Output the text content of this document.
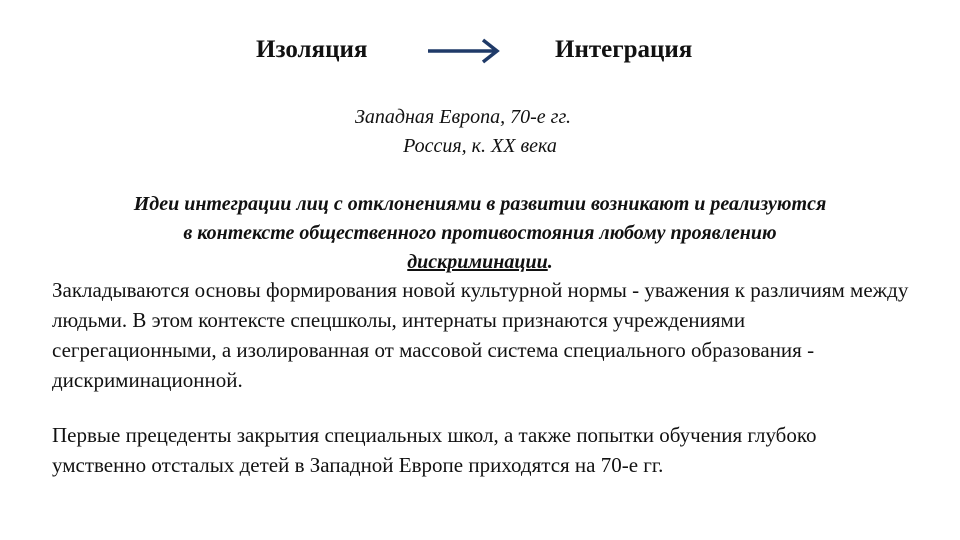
Изоляция	Интеграция
Западная Европа, 70-е гг.
Россия, к. ХХ века
Идеи интеграции лиц с отклонениями в развитии возникают и реализуются
в контексте общественного противостояния любому проявлению
дискриминации.

Закладываются основы формирования новой культурной нормы - уважения к различиям между людьми. В этом контексте спецшколы, интернаты признаются учреждениями сегрегационными, а изолированная от массовой система специального образования - дискриминационной.

Первые прецеденты закрытия специальных школ, а также попытки обучения глубоко умственно отсталых детей в Западной Европе приходятся на 70-е гг.
